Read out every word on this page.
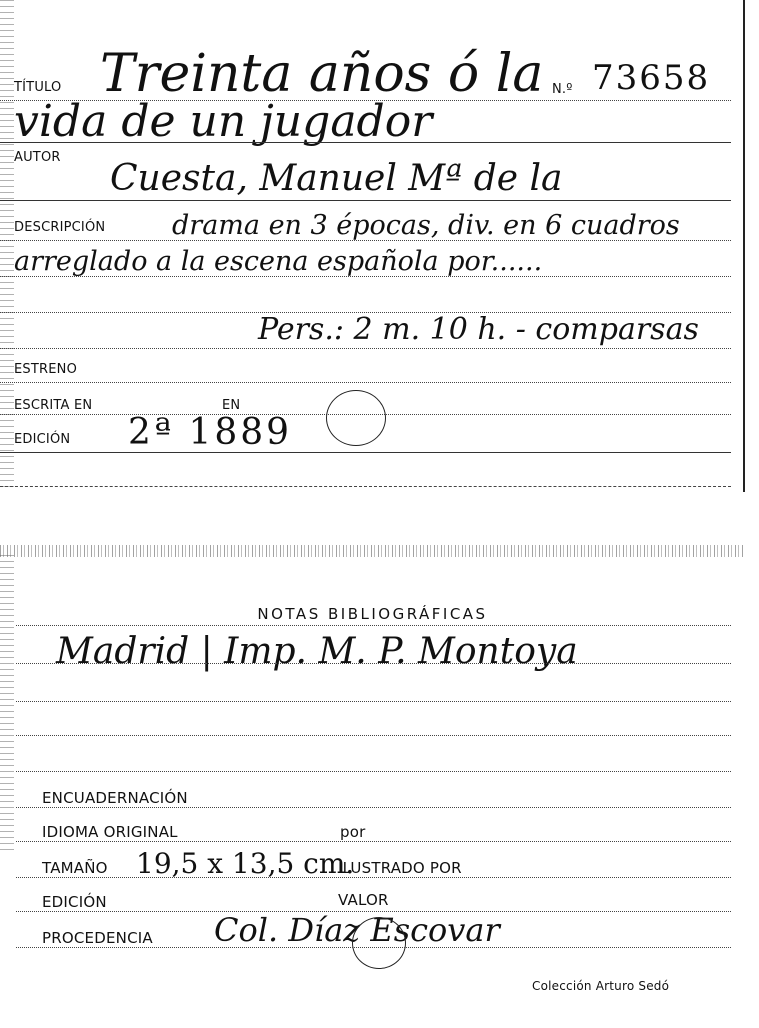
TÍTULO Treinta años ó la N.º 73658
vida de un jugador
AUTOR
Cuesta, Manuel Mª de la
DESCRIPCIÓN drama en 3 épocas, div. en 6 cuadros
arreglado a la escena española por......
Pers.: 2 m. 10 h. - comparsas
ESTRENO
ESCRITA EN	EN
EDICIÓN 2ª 1889
NOTAS BIBLIOGRÁFICAS
Madrid | Imp. M. P. Montoya
ENCUADERNACIÓN
IDIOMA ORIGINAL	por
TAMAÑO 19,5 x 13,5 cm.
ILUSTRADO POR
EDICIÓN	VALOR
PROCEDENCIA Col. Díaz Escovar
Colección Arturo Sedó
